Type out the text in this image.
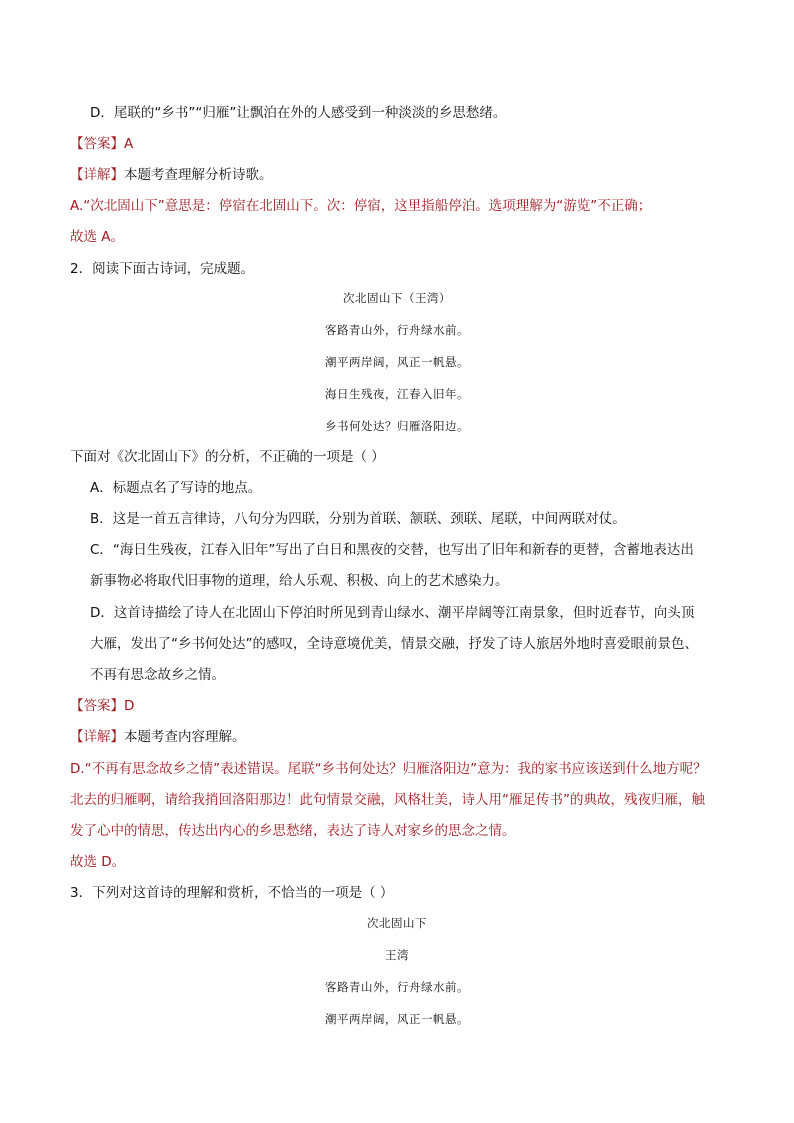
D．尾联的“乡书”“归雁”让飘泊在外的人感受到一种淡淡的乡思愁绪。
【答案】A
【详解】本题考查理解分析诗歌。
A.“次北固山下”意思是：停宿在北固山下。次：停宿，这里指船停泊。选项理解为“游览”不正确；
故选 A。
2．阅读下面古诗词，完成题。
次北固山下（王湾）
客路青山外，行舟绿水前。
潮平两岸阔，风正一帆悬。
海日生残夜，江春入旧年。
乡书何处达？归雁洛阳边。
下面对《次北固山下》的分析，不正确的一项是（ ）
A．标题点名了写诗的地点。
B．这是一首五言律诗，八句分为四联，分别为首联、颔联、颈联、尾联，中间两联对仗。
C．“海日生残夜，江春入旧年”写出了白日和黑夜的交替，也写出了旧年和新春的更替，含蓄地表达出
新事物必将取代旧事物的道理，给人乐观、积极、向上的艺术感染力。
D．这首诗描绘了诗人在北固山下停泊时所见到青山绿水、潮平岸阔等江南景象，但时近春节，向头顶
大雁，发出了“乡书何处达”的感叹，全诗意境优美，情景交融，抒发了诗人旅居外地时喜爱眼前景色、
不再有思念故乡之情。
【答案】D
【详解】本题考查内容理解。
D.“不再有思念故乡之情”表述错误。尾联“乡书何处达？归雁洛阳边”意为：我的家书应该送到什么地方呢？
北去的归雁啊，请给我捎回洛阳那边！此句情景交融，风格壮美，诗人用“雁足传书”的典故，残夜归雁，触
发了心中的情思，传达出内心的乡思愁绪，表达了诗人对家乡的思念之情。
故选 D。
3．下列对这首诗的理解和赏析，不恰当的一项是（ ）
次北固山下
王湾
客路青山外，行舟绿水前。
潮平两岸阔，风正一帆悬。
